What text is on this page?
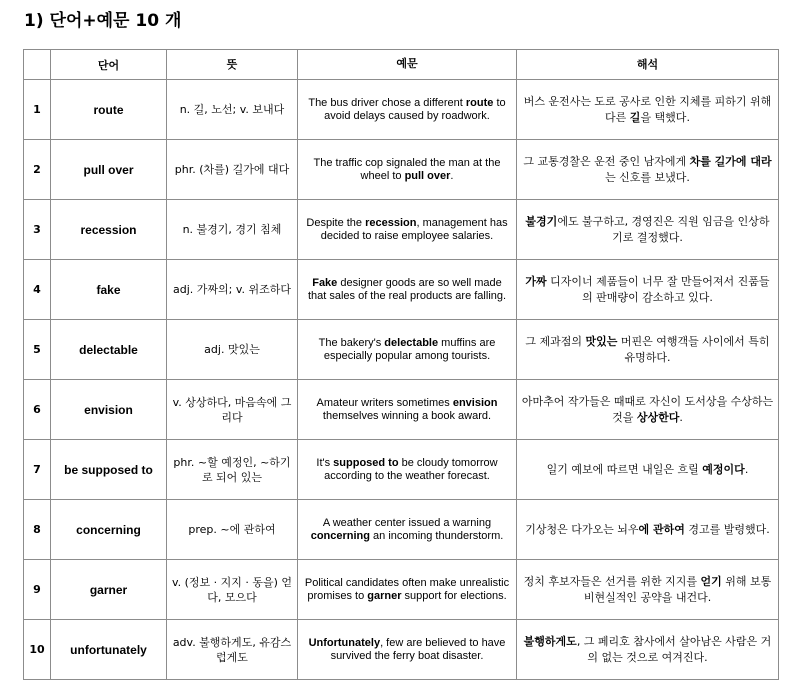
1) 단어+예문 10 개
	단어	뜻	예문	해석
1	route	n. 길, 노선; v. 보내다	The bus driver chose a different route to avoid delays caused by roadwork.	버스 운전사는 도로 공사로 인한 지체를 피하기 위해 다른 길을 택했다.
2	pull over	phr. (차를) 길가에 대다	The traffic cop signaled the man at the wheel to pull over.	그 교통경찰은 운전 중인 남자에게 차를 길가에 대라는 신호를 보냈다.
3	recession	n. 불경기, 경기 침체	Despite the recession, management has decided to raise employee salaries.	불경기에도 불구하고, 경영진은 직원 임금을 인상하기로 결정했다.
4	fake	adj. 가짜의; v. 위조하다	Fake designer goods are so well made that sales of the real products are falling.	가짜 디자이너 제품들이 너무 잘 만들어져서 진품들의 판매량이 감소하고 있다.
5	delectable	adj. 맛있는	The bakery's delectable muffins are especially popular among tourists.	그 제과점의 맛있는 머핀은 여행객들 사이에서 특히 유명하다.
6	envision	v. 상상하다, 마음속에 그리다	Amateur writers sometimes envision themselves winning a book award.	아마추어 작가들은 때때로 자신이 도서상을 수상하는 것을 상상한다.
7	be supposed to	phr. ~할 예정인, ~하기로 되어 있는	It's supposed to be cloudy tomorrow according to the weather forecast.	일기 예보에 따르면 내일은 흐릴 예정이다.
8	concerning	prep. ~에 관하여	A weather center issued a warning concerning an incoming thunderstorm.	기상청은 다가오는 뇌우에 관하여 경고를 발령했다.
9	garner	v. (정보 · 지지 · 동을) 얻다, 모으다	Political candidates often make unrealistic promises to garner support for elections.	정치 후보자들은 선거를 위한 지지를 얻기 위해 보통 비현실적인 공약을 내건다.
10	unfortunately	adv. 불행하게도, 유감스럽게도	Unfortunately, few are believed to have survived the ferry boat disaster.	불행하게도, 그 페리호 참사에서 살아남은 사람은 거의 없는 것으로 여겨진다.
